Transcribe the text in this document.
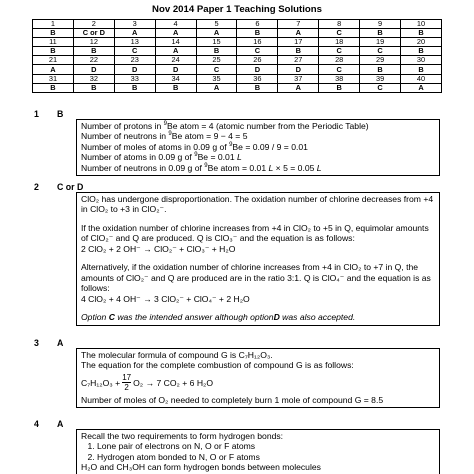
Nov 2014 Paper 1 Teaching Solutions
1	2	3	4	5	6	7	8	9	10
B	C or D	A	A	A	B	A	C	B	B
11	12	13	14	15	16	17	18	19	20
B	B	C	A	B	C	B	C	C	B
21	22	23	24	25	26	27	28	29	30
A	D	D	D	C	D	D	C	B	B
31	32	33	34	35	36	37	38	39	40
B	B	B	B	A	B	A	B	C	A
1 B

Number of protons in $^9$Be atom = 4 (atomic number from the Periodic Table)

Number of neutrons in $^9$Be atom = 9 − 4 = 5

Number of moles of atoms in 0.09 g of $^9$Be = 0.09 / 9 = 0.01

Number of atoms in 0.09 g of $^9$Be = 0.01 L

Number of neutrons in 0.09 g of $^9$Be atom = 0.01 L × 5 = 0.05 L

2 C or D

ClO₂ has undergone disproportionation. The oxidation number of chlorine decreases from +4 in ClO₂ to +3 in ClO₂⁻.

If the oxidation number of chlorine increases from +4 in ClO₂ to +5 in Q, equimolar amounts of ClO₂⁻ and Q are produced. Q is ClO₃⁻ and the equation is as follows:

2 ClO₂ + 2 OH⁻ → ClO₂⁻ + ClO₃⁻ + H₂O

Alternatively, if the oxidation number of chlorine increases from +4 in ClO₂ to +7 in Q, the amounts of ClO₂⁻ and Q are produced are in the ratio 3:1. Q is ClO₄⁻ and the equation is as follows:

4 ClO₂ + 4 OH⁻ → 3 ClO₂⁻ + ClO₄⁻ + 2 H₂O

Option C was the intended answer although optionD was also accepted.

3 A

The molecular formula of compound G is C₇H₁₂O₃.

The equation for the complete combustion of compound G is as follows:

$C_7H_{12}O_3 + \frac{17}{2} O_2 \to 7$ CO₂ + 6 H₂O

Number of moles of O₂ needed to completely burn 1 mole of compound G = 8.5

4 A

Recall the two requirements to form hydrogen bonds:

1. Lone pair of electrons on N, O or F atoms
2. Hydrogen atom bonded to N, O or F atoms

H₂O and CH₃OH can form hydrogen bonds between molecules
